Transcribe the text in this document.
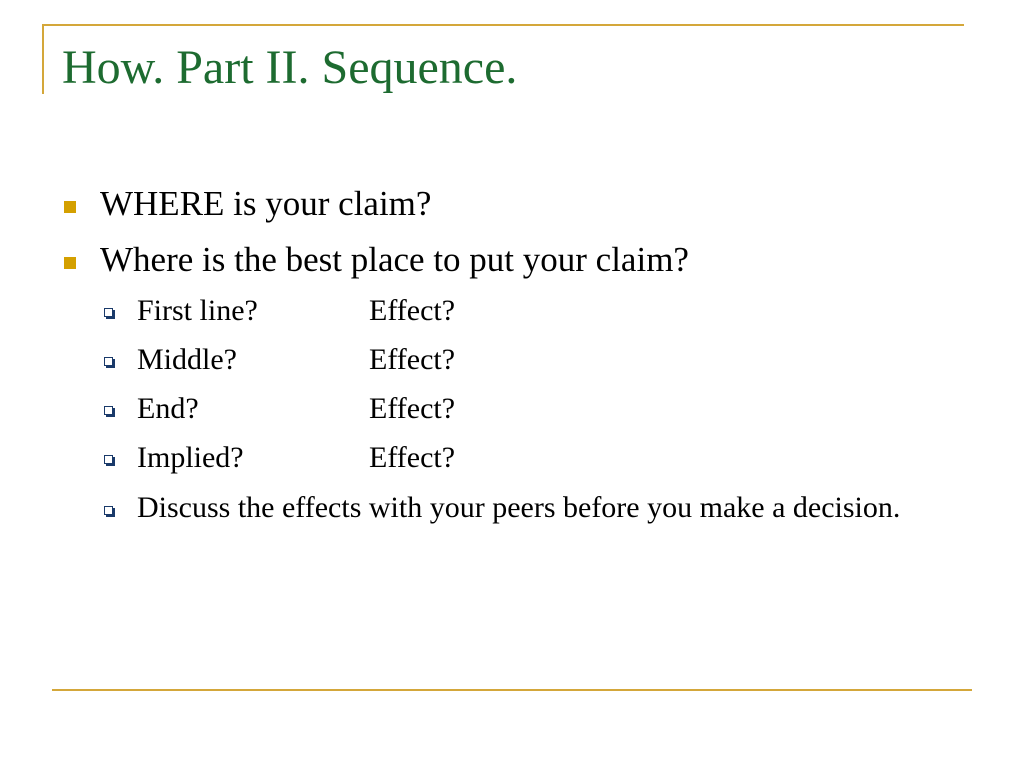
How. Part II. Sequence.
WHERE is your claim?
Where is the best place to put your claim?
First line?	Effect?
Middle?	Effect?
End?	Effect?
Implied?	Effect?
Discuss the effects with your peers before you make a decision.
